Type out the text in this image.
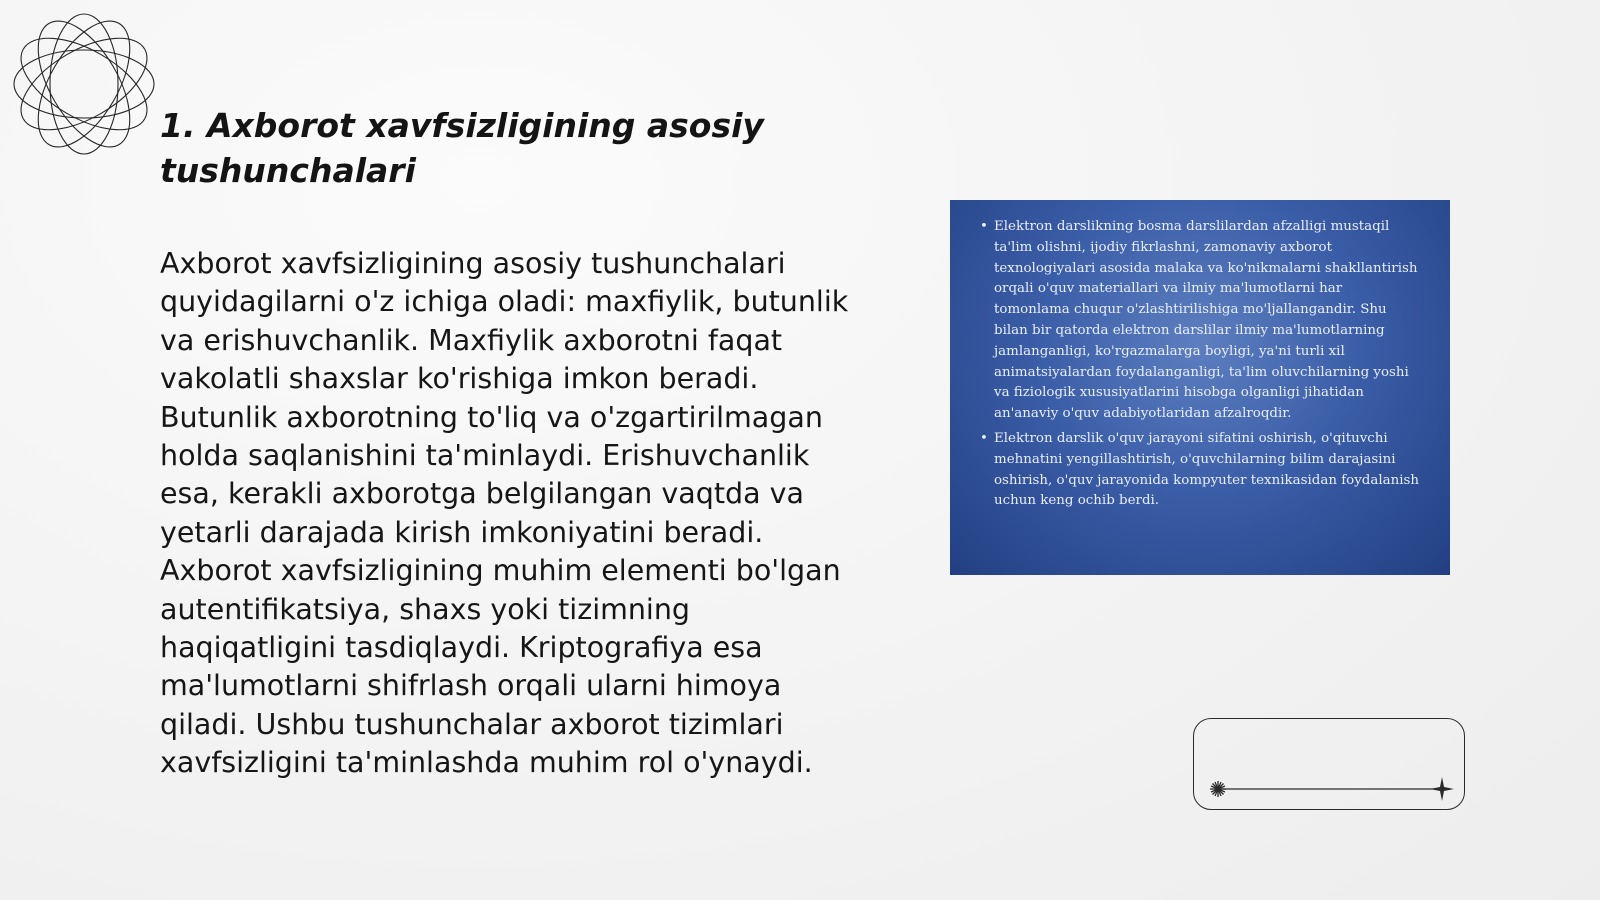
1. Axborot xavfsizligining asosiy tushunchalari

Axborot xavfsizligining asosiy tushunchalari quyidagilarni o'z ichiga oladi: maxfiylik, butunlik va erishuvchanlik. Maxfiylik axborotni faqat vakolatli shaxslar ko'rishiga imkon beradi. Butunlik axborotning to'liq va o'zgartirilmagan holda saqlanishini ta'minlaydi. Erishuvchanlik esa, kerakli axborotga belgilangan vaqtda va yetarli darajada kirish imkoniyatini beradi. Axborot xavfsizligining muhim elementi bo'lgan autentifikatsiya, shaxs yoki tizimning haqiqatligini tasdiqlaydi. Kriptografiya esa ma'lumotlarni shifrlash orqali ularni himoya qiladi. Ushbu tushunchalar axborot tizimlari xavfsizligini ta'minlashda muhim rol o'ynaydi.

• Elektron darslikning bosma darslilardan afzalligi mustaqil ta'lim olishni, ijodiy fikrlashni, zamonaviy axborot texnologiyalari asosida malaka va ko'nikmalarni shakllantirish orqali o'quv materiallari va ilmiy ma'lumotlarni har tomonlama chuqur o'zlashtirilishiga mo'ljallangandir. Shu bilan bir qatorda elektron darslilar ilmiy ma'lumotlarning jamlanganligi, ko'rgazmalarga boyligi, ya'ni turli xil animatsiyalardan foydalanganligi, ta'lim oluvchilarning yoshi va fiziologik xususiyatlarini hisobga olganligi jihatidan an'anaviy o'quv adabiyotlaridan afzalroqdir.
• Elektron darslik o'quv jarayoni sifatini oshirish, o'qituvchi mehnatini yengillashtirish, o'quvchilarning bilim darajasini oshirish, o'quv jarayonida kompyuter texnikasidan foydalanish uchun keng ochib berdi.
